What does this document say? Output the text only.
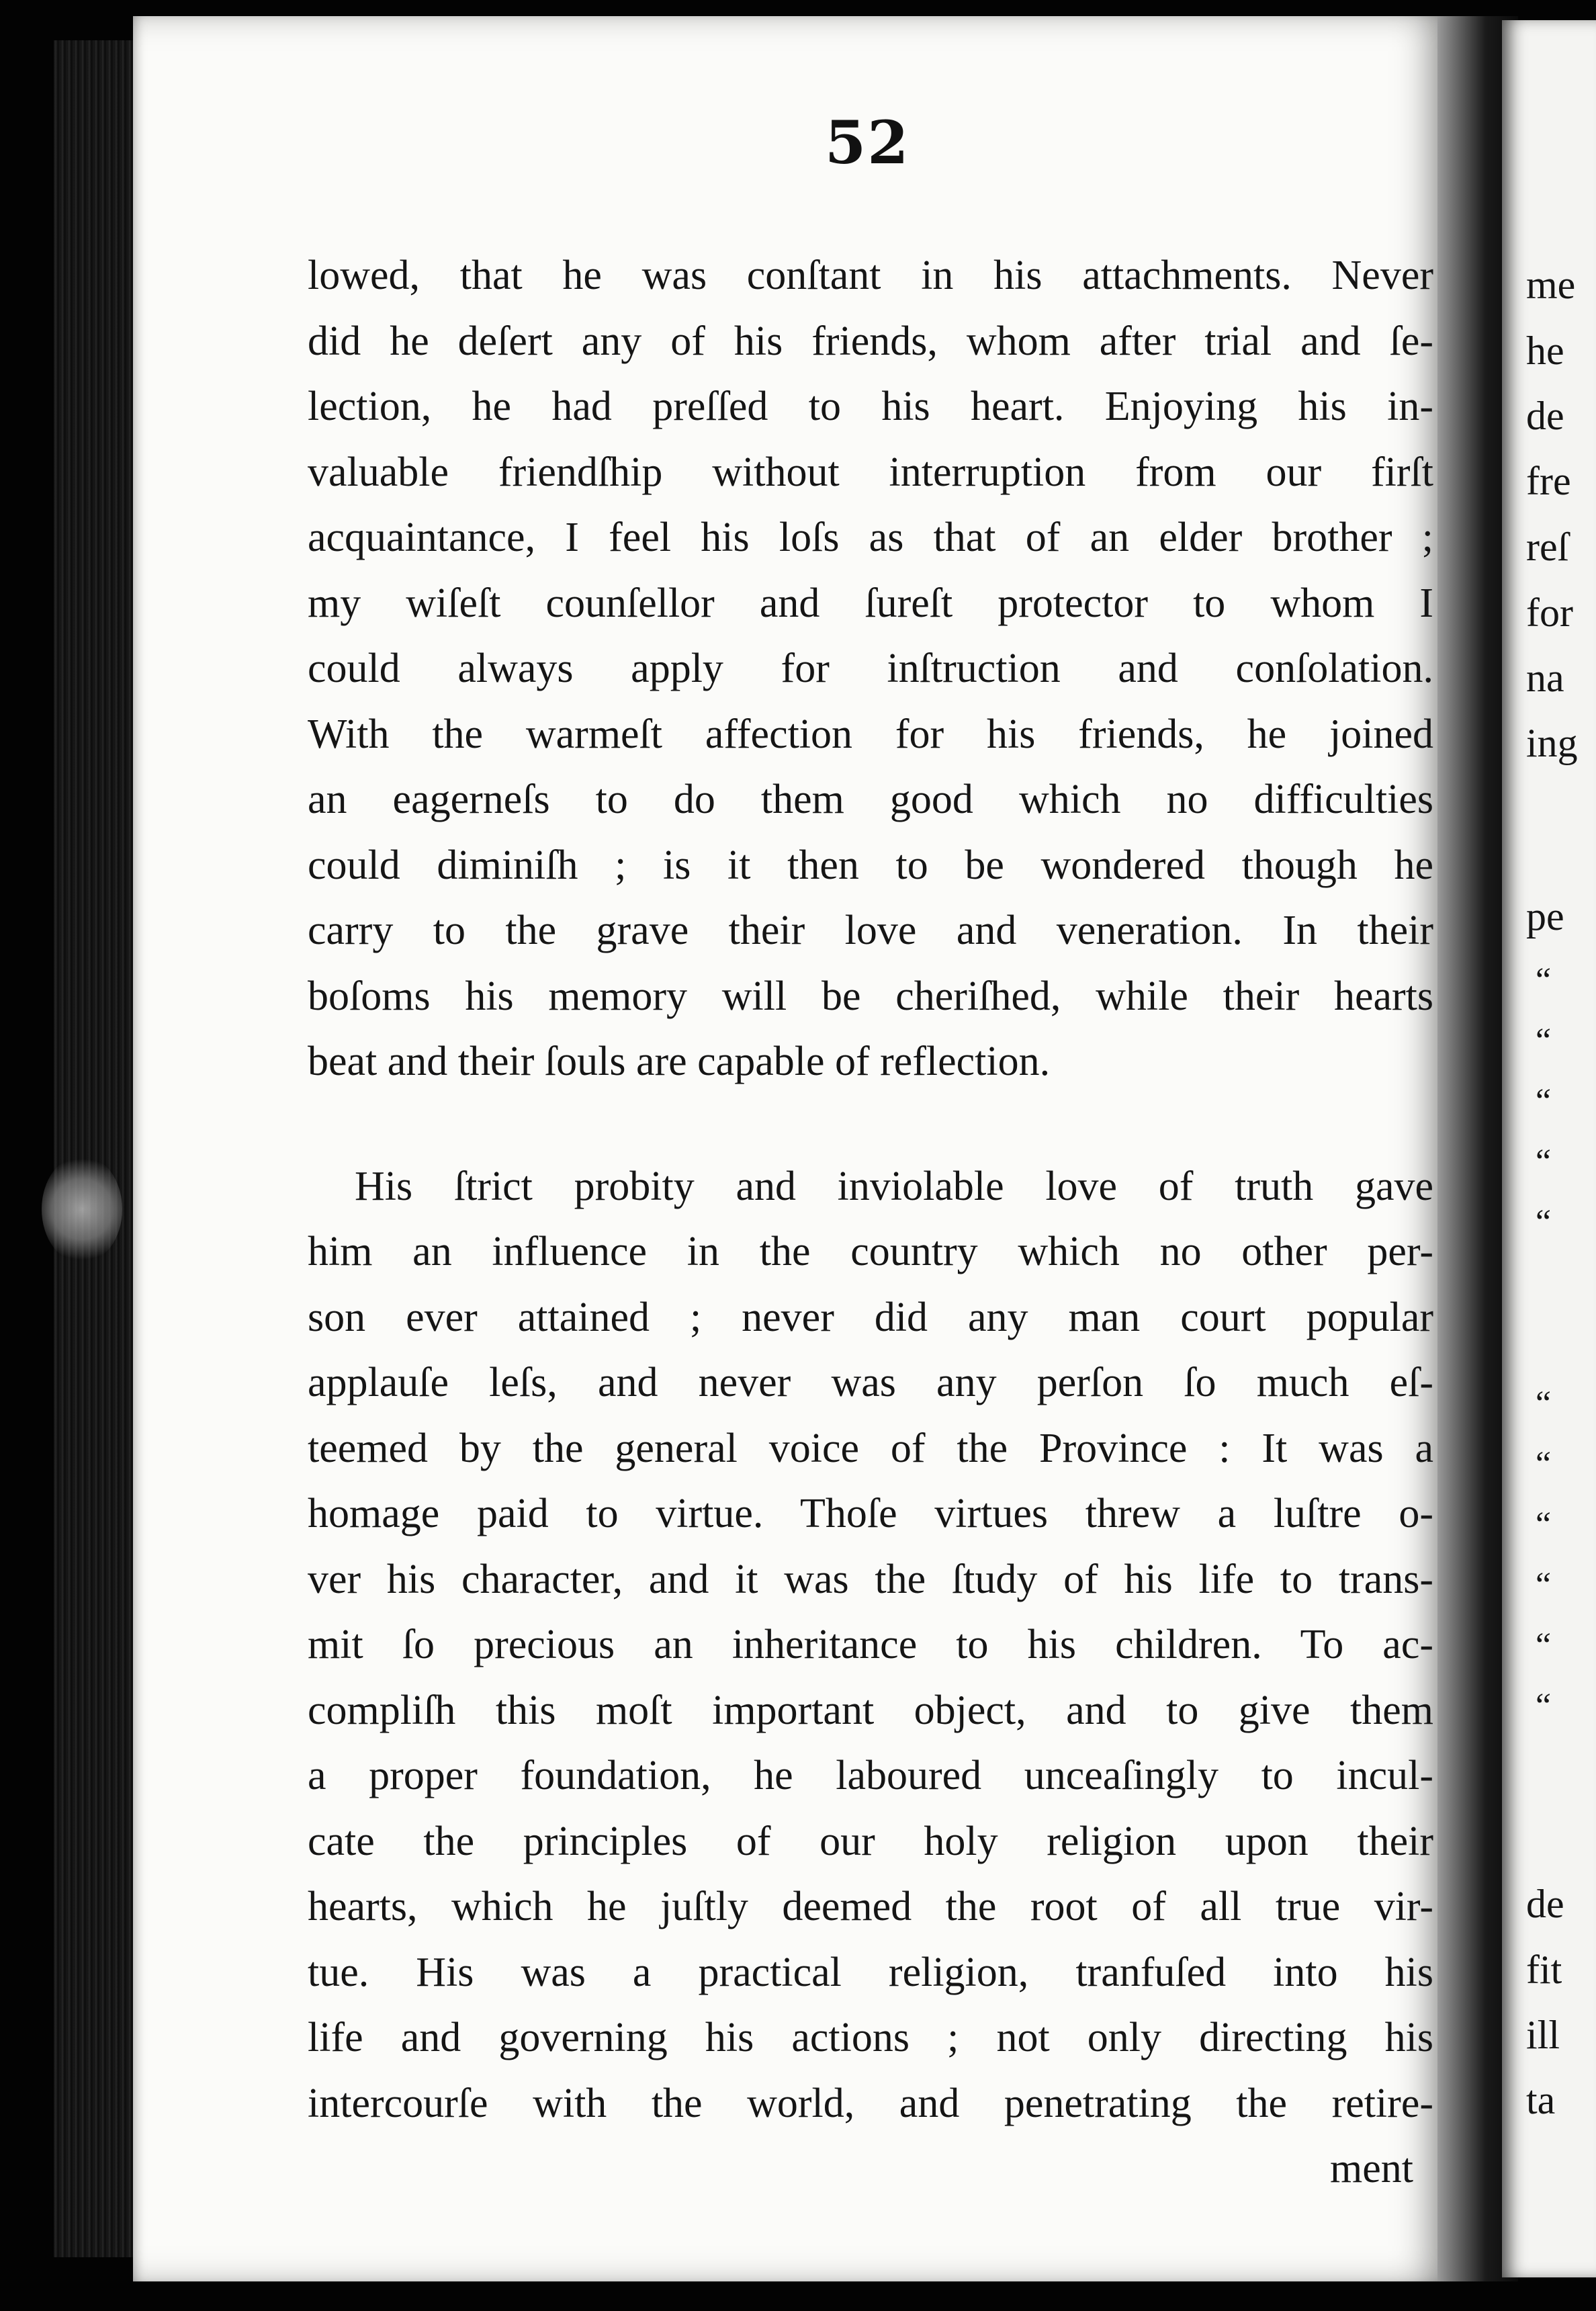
52
lowed, that he was conſtant in his attachments. Never
did he deſert any of his friends, whom after trial and ſe-
lection, he had preſſed to his heart. Enjoying his in-
valuable friendſhip without interruption from our firſt
acquaintance, I feel his loſs as that of an elder brother ;
my wiſeſt counſellor and ſureſt protector to whom I
could always apply for inſtruction and conſolation.
With the warmeſt affection for his friends, he joined
an eagerneſs to do them good which no difficulties
could diminiſh ; is it then to be wondered though he
carry to the grave their love and veneration. In their
boſoms his memory will be cheriſhed, while their hearts
beat and their ſouls are capable of reflection.
His ſtrict probity and inviolable love of truth gave
him an influence in the country which no other per-
son ever attained ; never did any man court popular
applauſe leſs, and never was any perſon ſo much eſ-
teemed by the general voice of the Province : It was a
homage paid to virtue. Thoſe virtues threw a luſtre o-
ver his character, and it was the ſtudy of his life to trans-
mit ſo precious an inheritance to his children. To ac-
compliſh this moſt important object, and to give them
a proper foundation, he laboured unceaſingly to incul-
cate the principles of our holy religion upon their
hearts, which he juſtly deemed the root of all true vir-
tue. His was a practical religion, tranfuſed into his
life and governing his actions ; not only directing his
intercourſe with the world, and penetrating the retire-
ment
me
he
de
fre
reſ
for
na
ing
pe
“
“
“
“
“
“
“
“
“
“
“
de
fit
ill
ta
